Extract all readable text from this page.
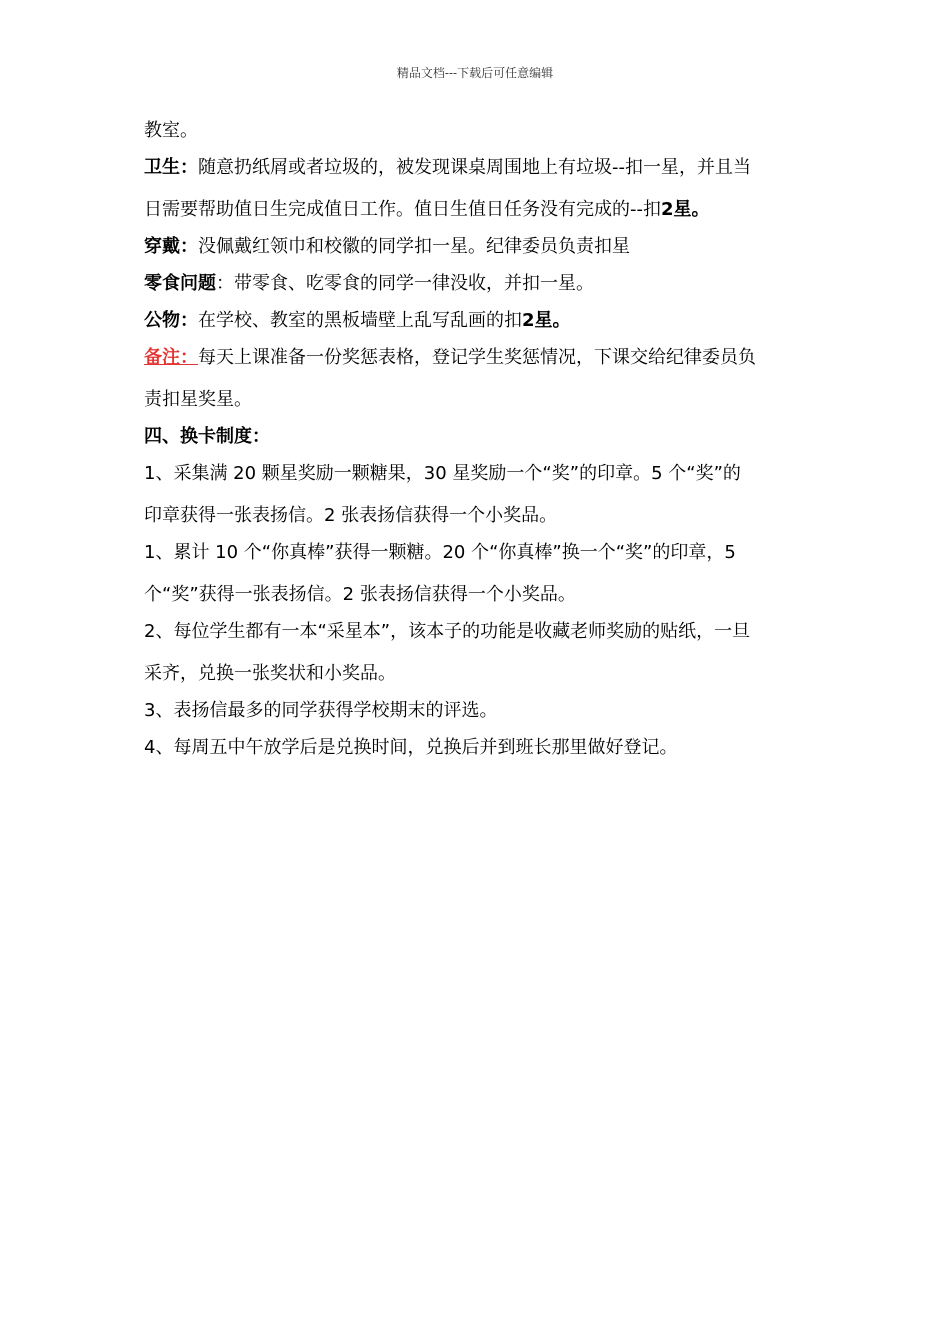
精品文档---下载后可任意编辑
教室。
卫生：随意扔纸屑或者垃圾的，被发现课桌周围地上有垃圾--扣一星，并且当
日需要帮助值日生完成值日工作。值日生值日任务没有完成的--扣2星。
穿戴：没佩戴红领巾和校徽的同学扣一星。纪律委员负责扣星
零食问题：带零食、吃零食的同学一律没收，并扣一星。
公物：在学校、教室的黑板墙壁上乱写乱画的扣2星。
备注：每天上课准备一份奖惩表格，登记学生奖惩情况，下课交给纪律委员负
责扣星奖星。
四、换卡制度：
1、采集满 20 颗星奖励一颗糖果，30 星奖励一个“奖”的印章。5 个“奖”的
印章获得一张表扬信。2 张表扬信获得一个小奖品。
1、累计 10 个“你真棒”获得一颗糖。20 个“你真棒”换一个“奖”的印章，5
个“奖”获得一张表扬信。2 张表扬信获得一个小奖品。
2、每位学生都有一本“采星本”，该本子的功能是收藏老师奖励的贴纸，一旦
采齐，兑换一张奖状和小奖品。
3、表扬信最多的同学获得学校期末的评选。
4、每周五中午放学后是兑换时间，兑换后并到班长那里做好登记。
